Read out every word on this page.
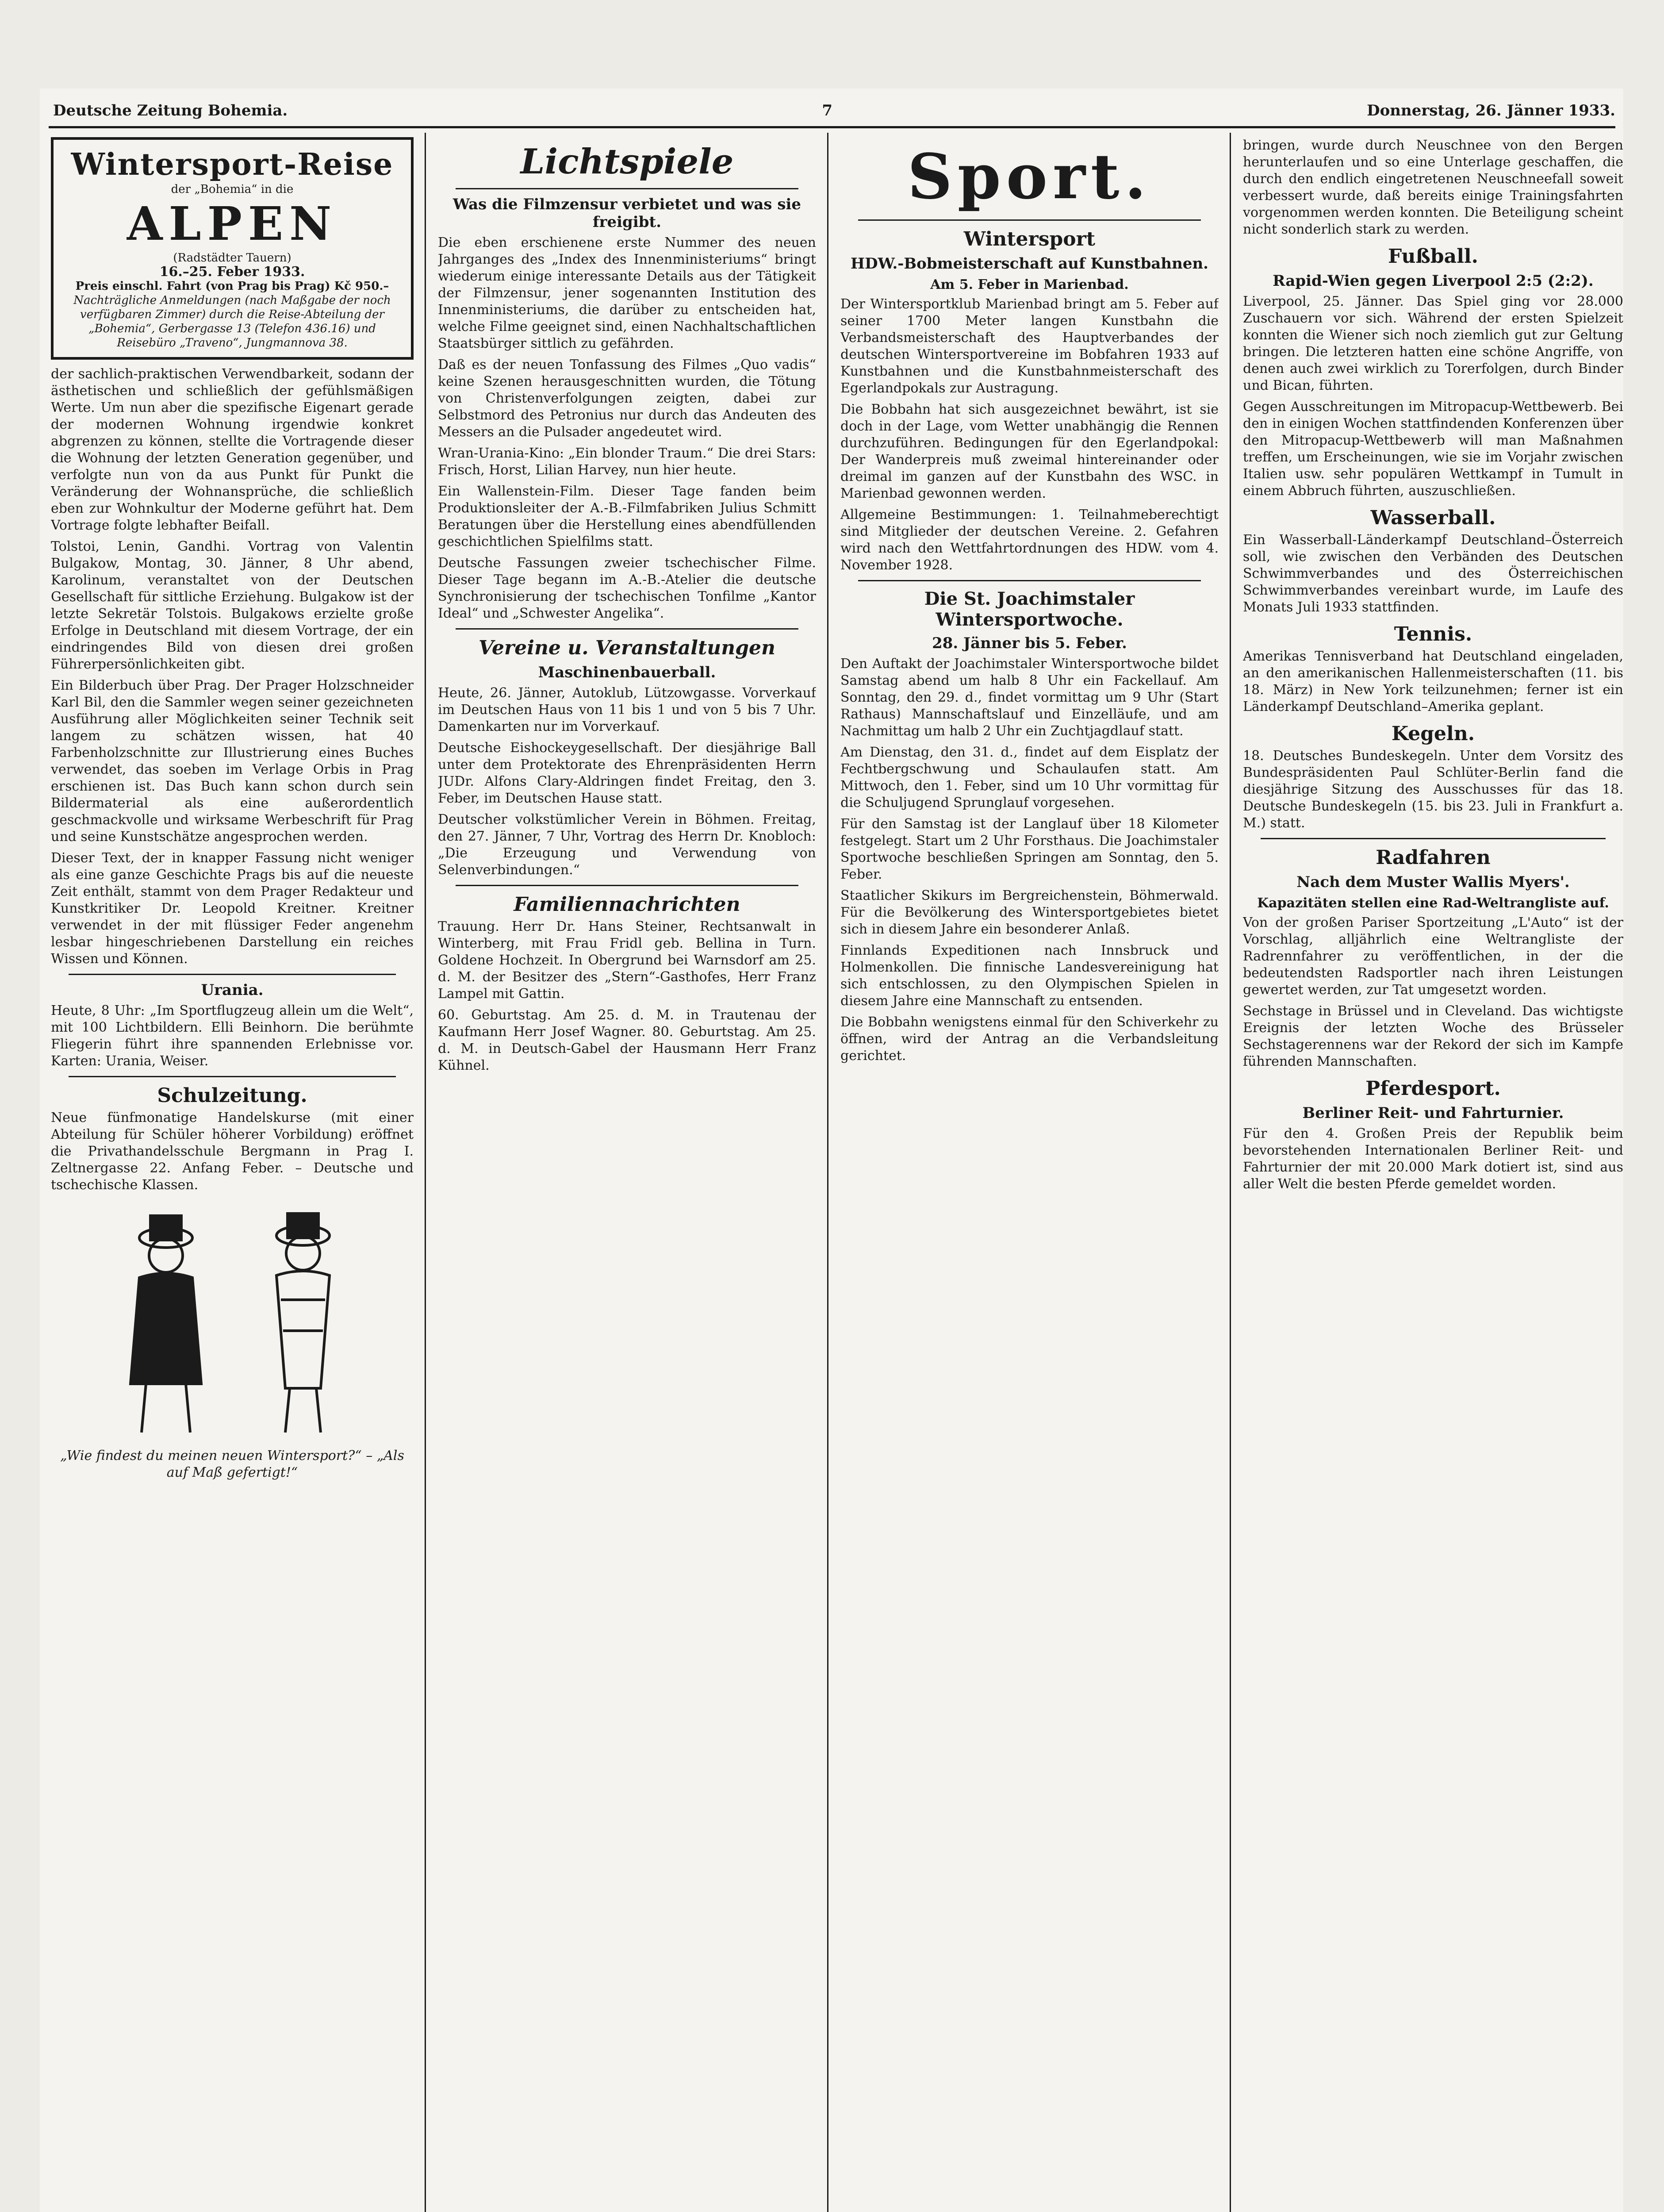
Deutsche Zeitung Bohemia.	7	Donnerstag, 26. Jänner 1933.
Wintersport-Reise
der „Bohemia“ in die
ALPEN
(Radstädter Tauern)
16.–25. Feber 1933.
Preis einschl. Fahrt (von Prag bis Prag) Kč 950.–
Nachträgliche Anmeldungen (nach Maßgabe der noch verfügbaren Zimmer) durch die Reise-Abteilung der „Bohemia“, Gerbergasse 13 (Telefon 436.16) und Reisebüro „Traveno“, Jungmannova 38.

der sachlich-praktischen Verwendbarkeit, sodann der ästhetischen und schließlich der gefühlsmäßigen Werte. Um nun aber die spezifische Eigenart gerade der modernen Wohnung irgendwie konkret abgrenzen zu können, stellte die Vortragende dieser die Wohnung der letzten Generation gegenüber, und verfolgte nun von da aus Punkt für Punkt die Veränderung der Wohnansprüche, die schließlich eben zur Wohnkultur der Moderne geführt hat. Dem Vortrage folgte lebhafter Beifall.

Tolstoi, Lenin, Gandhi. Vortrag von Valentin Bulgakow, Montag, 30. Jänner, 8 Uhr abend, Karolinum, veranstaltet von der Deutschen Gesellschaft für sittliche Erziehung. Bulgakow ist der letzte Sekretär Tolstois. Bulgakows erzielte große Erfolge in Deutschland mit diesem Vortrage, der ein eindringendes Bild von diesen drei großen Führerpersönlichkeiten gibt.

Ein Bilderbuch über Prag. Der Prager Holzschneider Karl Bil, den die Sammler wegen seiner gezeichneten Ausführung aller Möglichkeiten seiner Technik seit langem zu schätzen wissen, hat 40 Farbenholzschnitte zur Illustrierung eines Buches verwendet, das soeben im Verlage Orbis in Prag erschienen ist. Das Buch kann schon durch sein Bildermaterial als eine außerordentlich geschmackvolle und wirksame Werbeschrift für Prag und seine Kunstschätze angesprochen werden.

Dieser Text, der in knapper Fassung nicht weniger als eine ganze Geschichte Prags bis auf die neueste Zeit enthält, stammt von dem Prager Redakteur und Kunstkritiker Dr. Leopold Kreitner. Kreitner verwendet in der mit flüssiger Feder angenehm lesbar hingeschriebenen Darstellung ein reiches Wissen und Können.

Urania.

Heute, 8 Uhr: „Im Sportflugzeug allein um die Welt“, mit 100 Lichtbildern. Elli Beinhorn. Die berühmte Fliegerin führt ihre spannenden Erlebnisse vor. Karten: Urania, Weiser.

Schulzeitung.

Neue fünfmonatige Handelskurse (mit einer Abteilung für Schüler höherer Vorbildung) eröffnet die Privathandelsschule Bergmann in Prag I. Zeltnergasse 22. Anfang Feber. – Deutsche und tschechische Klassen.

„Wie findest du meinen neuen Wintersport?“ – „Als auf Maß gefertigt!“

Lichtspiele
Was die Filmzensur verbietet und was sie freigibt.

Die eben erschienene erste Nummer des neuen Jahrganges des „Index des Innenministeriums“ bringt wiederum einige interessante Details aus der Tätigkeit der Filmzensur, jener sogenannten Institution des Innenministeriums, die darüber zu entscheiden hat, welche Filme geeignet sind, einen Nachhaltschaftlichen Staatsbürger sittlich zu gefährden.

Daß es der neuen Tonfassung des Filmes „Quo vadis“ keine Szenen herausgeschnitten wurden, die Tötung von Christenverfolgungen zeigten, dabei zur Selbstmord des Petronius nur durch das Andeuten des Messers an die Pulsader angedeutet wird.

Wran-Urania-Kino: „Ein blonder Traum.“ Die drei Stars: Frisch, Horst, Lilian Harvey, nun hier heute.

Ein Wallenstein-Film. Dieser Tage fanden beim Produktionsleiter der A.-B.-Filmfabriken Julius Schmitt Beratungen über die Herstellung eines abendfüllenden geschichtlichen Spielfilms statt.

Deutsche Fassungen zweier tschechischer Filme. Dieser Tage begann im A.-B.-Atelier die deutsche Synchronisierung der tschechischen Tonfilme „Kantor Ideal“ und „Schwester Angelika“.

Vereine u. Veranstaltungen
Maschinenbauerball.

Heute, 26. Jänner, Autoklub, Lützowgasse. Vorverkauf im Deutschen Haus von 11 bis 1 und von 5 bis 7 Uhr. Damenkarten nur im Vorverkauf.

Deutsche Eishockeygesellschaft. Der diesjährige Ball unter dem Protektorate des Ehrenpräsidenten Herrn JUDr. Alfons Clary-Aldringen findet Freitag, den 3. Feber, im Deutschen Hause statt.

Deutscher volkstümlicher Verein in Böhmen. Freitag, den 27. Jänner, 7 Uhr, Vortrag des Herrn Dr. Knobloch: „Die Erzeugung und Verwendung von Selenverbindungen.“

Familiennachrichten

Trauung. Herr Dr. Hans Steiner, Rechtsanwalt in Winterberg, mit Frau Fridl geb. Bellina in Turn. Goldene Hochzeit. In Obergrund bei Warnsdorf am 25. d. M. der Besitzer des „Stern“-Gasthofes, Herr Franz Lampel mit Gattin.

60. Geburtstag. Am 25. d. M. in Trautenau der Kaufmann Herr Josef Wagner. 80. Geburtstag. Am 25. d. M. in Deutsch-Gabel der Hausmann Herr Franz Kühnel.

Sport.
Wintersport
HDW.-Bobmeisterschaft auf Kunstbahnen.
Am 5. Feber in Marienbad.

Der Wintersportklub Marienbad bringt am 5. Feber auf seiner 1700 Meter langen Kunstbahn die Verbandsmeisterschaft des Hauptverbandes der deutschen Wintersportvereine im Bobfahren 1933 auf Kunstbahnen und die Kunstbahnmeisterschaft des Egerlandpokals zur Austragung.

Die Bobbahn hat sich ausgezeichnet bewährt, ist sie doch in der Lage, vom Wetter unabhängig die Rennen durchzuführen. Bedingungen für den Egerlandpokal: Der Wanderpreis muß zweimal hintereinander oder dreimal im ganzen auf der Kunstbahn des WSC. in Marienbad gewonnen werden.

Allgemeine Bestimmungen: 1. Teilnahmeberechtigt sind Mitglieder der deutschen Vereine. 2. Gefahren wird nach den Wettfahrtordnungen des HDW. vom 4. November 1928.

Die St. Joachimstaler Wintersportwoche.
28. Jänner bis 5. Feber.

Den Auftakt der Joachimstaler Wintersportwoche bildet Samstag abend um halb 8 Uhr ein Fackellauf. Am Sonntag, den 29. d., findet vormittag um 9 Uhr (Start Rathaus) Mannschaftslauf und Einzelläufe, und am Nachmittag um halb 2 Uhr ein Zuchtjagdlauf statt.

Am Dienstag, den 31. d., findet auf dem Eisplatz der Fechtbergschwung und Schaulaufen statt. Am Mittwoch, den 1. Feber, sind um 10 Uhr vormittag für die Schuljugend Sprunglauf vorgesehen.

Für den Samstag ist der Langlauf über 18 Kilometer festgelegt. Start um 2 Uhr Forsthaus. Die Joachimstaler Sportwoche beschließen Springen am Sonntag, den 5. Feber.

Staatlicher Skikurs im Bergreichenstein, Böhmerwald. Für die Bevölkerung des Wintersportgebietes bietet sich in diesem Jahre ein besonderer Anlaß.

Finnlands Expeditionen nach Innsbruck und Holmenkollen. Die finnische Landesvereinigung hat sich entschlossen, zu den Olympischen Spielen in diesem Jahre eine Mannschaft zu entsenden.

Die Bobbahn wenigstens einmal für den Schiverkehr zu öffnen, wird der Antrag an die Verbandsleitung gerichtet.

bringen, wurde durch Neuschnee von den Bergen herunterlaufen und so eine Unterlage geschaffen, die durch den endlich eingetretenen Neuschneefall soweit verbessert wurde, daß bereits einige Trainingsfahrten vorgenommen werden konnten. Die Beteiligung scheint nicht sonderlich stark zu werden.

Fußball.
Rapid-Wien gegen Liverpool 2:5 (2:2).

Liverpool, 25. Jänner. Das Spiel ging vor 28.000 Zuschauern vor sich. Während der ersten Spielzeit konnten die Wiener sich noch ziemlich gut zur Geltung bringen. Die letzteren hatten eine schöne Angriffe, von denen auch zwei wirklich zu Torerfolgen, durch Binder und Bican, führten.

Gegen Ausschreitungen im Mitropacup-Wettbewerb. Bei den in einigen Wochen stattfindenden Konferenzen über den Mitropacup-Wettbewerb will man Maßnahmen treffen, um Erscheinungen, wie sie im Vorjahr zwischen Italien usw. sehr populären Wettkampf in Tumult in einem Abbruch führten, auszuschließen.

Wasserball.

Ein Wasserball-Länderkampf Deutschland–Österreich soll, wie zwischen den Verbänden des Deutschen Schwimmverbandes und des Österreichischen Schwimmverbandes vereinbart wurde, im Laufe des Monats Juli 1933 stattfinden.

Tennis.

Amerikas Tennisverband hat Deutschland eingeladen, an den amerikanischen Hallenmeisterschaften (11. bis 18. März) in New York teilzunehmen; ferner ist ein Länderkampf Deutschland–Amerika geplant.

Kegeln.

18. Deutsches Bundeskegeln. Unter dem Vorsitz des Bundespräsidenten Paul Schlüter-Berlin fand die diesjährige Sitzung des Ausschusses für das 18. Deutsche Bundeskegeln (15. bis 23. Juli in Frankfurt a. M.) statt.

Radfahren
Nach dem Muster Wallis Myers'.
Kapazitäten stellen eine Rad-Weltrangliste auf.

Von der großen Pariser Sportzeitung „L'Auto“ ist der Vorschlag, alljährlich eine Weltrangliste der Radrennfahrer zu veröffentlichen, in der die bedeutendsten Radsportler nach ihren Leistungen gewertet werden, zur Tat umgesetzt worden.

Sechstage in Brüssel und in Cleveland. Das wichtigste Ereignis der letzten Woche des Brüsseler Sechstagerennens war der Rekord der sich im Kampfe führenden Mannschaften.

Pferdesport.
Berliner Reit- und Fahrturnier.

Für den 4. Großen Preis der Republik beim bevorstehenden Internationalen Berliner Reit- und Fahrturnier der mit 20.000 Mark dotiert ist, sind aus aller Welt die besten Pferde gemeldet worden.
